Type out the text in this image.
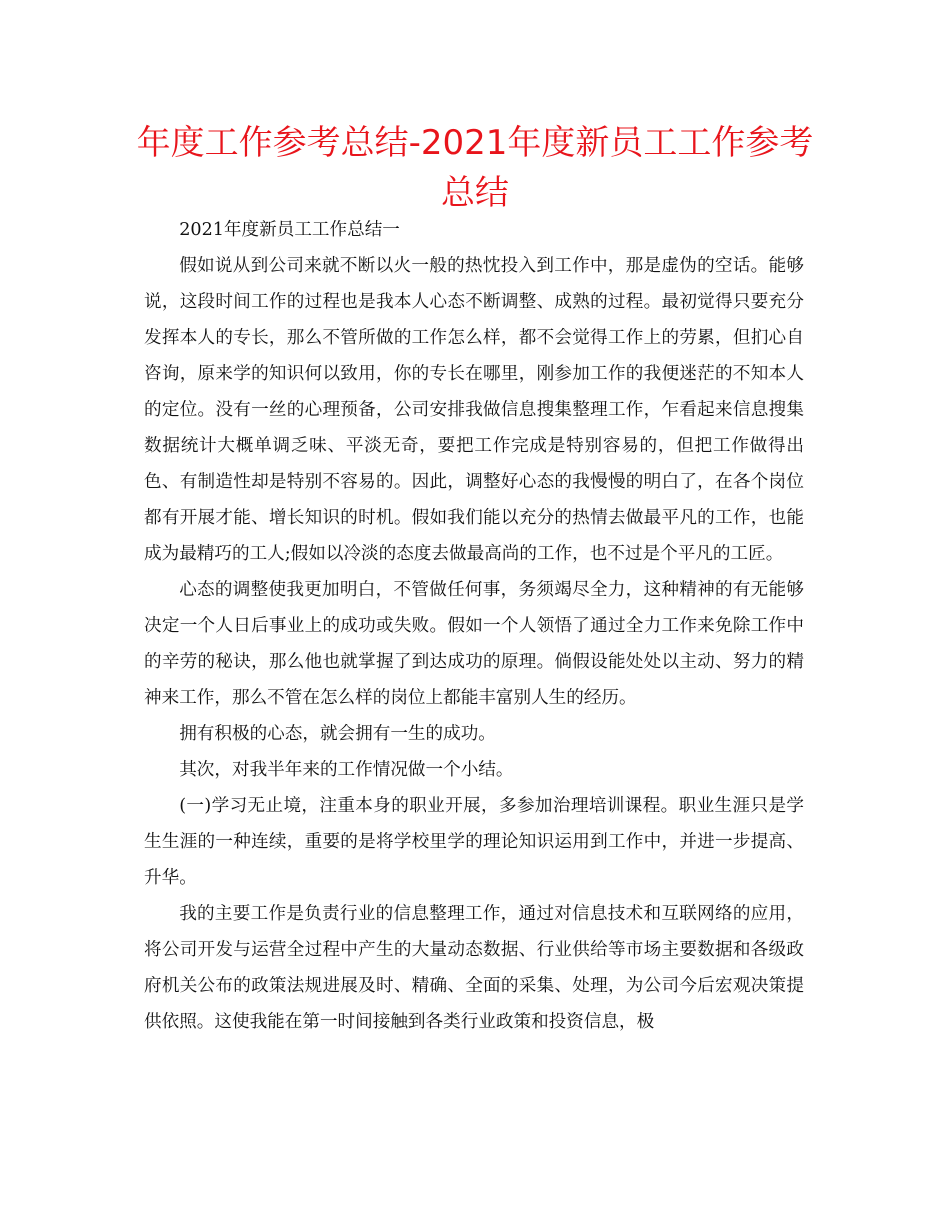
年度工作参考总结-2021年度新员工工作参考总结

2021年度新员工工作总结一

假如说从到公司来就不断以火一般的热忱投入到工作中，那是虚伪的空话。能够说，这段时间工作的过程也是我本人心态不断调整、成熟的过程。最初觉得只要充分发挥本人的专长，那么不管所做的工作怎么样，都不会觉得工作上的劳累，但扪心自咨询，原来学的知识何以致用，你的专长在哪里，刚参加工作的我便迷茫的不知本人的定位。没有一丝的心理预备，公司安排我做信息搜集整理工作，乍看起来信息搜集数据统计大概单调乏味、平淡无奇，要把工作完成是特别容易的，但把工作做得出色、有制造性却是特别不容易的。因此，调整好心态的我慢慢的明白了，在各个岗位都有开展才能、增长知识的时机。假如我们能以充分的热情去做最平凡的工作，也能成为最精巧的工人;假如以冷淡的态度去做最高尚的工作，也不过是个平凡的工匠。

心态的调整使我更加明白，不管做任何事，务须竭尽全力，这种精神的有无能够决定一个人日后事业上的成功或失败。假如一个人领悟了通过全力工作来免除工作中的辛劳的秘诀，那么他也就掌握了到达成功的原理。倘假设能处处以主动、努力的精神来工作，那么不管在怎么样的岗位上都能丰富别人生的经历。

拥有积极的心态，就会拥有一生的成功。

其次，对我半年来的工作情况做一个小结。

(一)学习无止境，注重本身的职业开展，多参加治理培训课程。职业生涯只是学生生涯的一种连续，重要的是将学校里学的理论知识运用到工作中，并进一步提高、升华。

我的主要工作是负责行业的信息整理工作，通过对信息技术和互联网络的应用，将公司开发与运营全过程中产生的大量动态数据、行业供给等市场主要数据和各级政府机关公布的政策法规进展及时、精确、全面的采集、处理，为公司今后宏观决策提供依照。这使我能在第一时间接触到各类行业政策和投资信息，极
